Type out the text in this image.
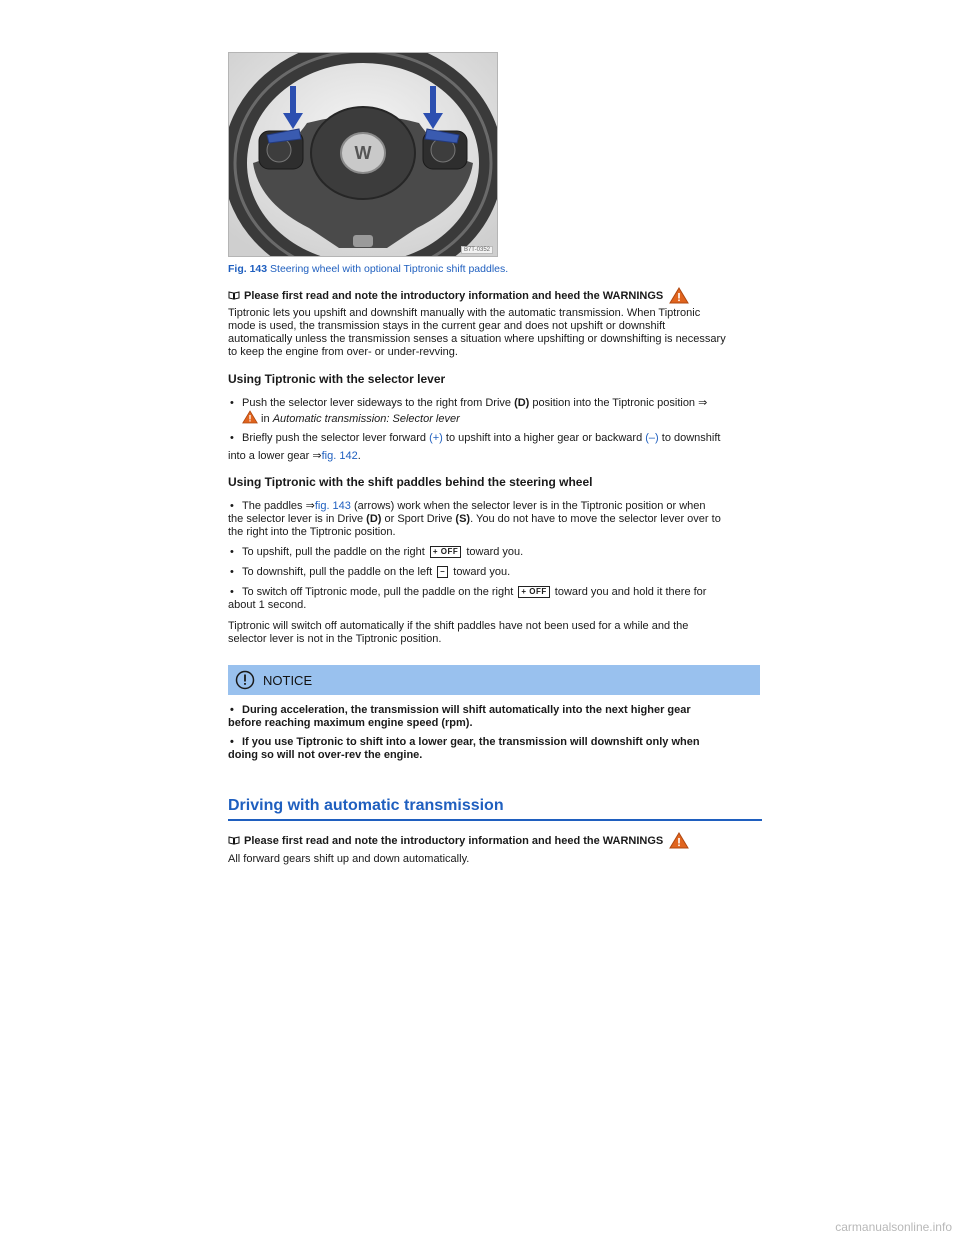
W
B7T-0352
Fig. 143 Steering wheel with optional Tiptronic shift paddles.
Please first read and note the introductory information and heed the WARNINGS

Tiptronic lets you upshift and downshift manually with the automatic transmission. When Tiptronic
mode is used, the transmission stays in the current gear and does not upshift or downshift
automatically unless the transmission senses a situation where upshifting or downshifting is necessary
to keep the engine from over- or under-revving.

Using Tiptronic with the selector lever
• Push the selector lever sideways to the right from Drive (D) position into the Tiptronic position ⇒
in Automatic transmission: Selector lever
• Briefly push the selector lever forward (+) to upshift into a higher gear or backward (–) to downshift
into a lower gear ⇒fig. 142.
Using Tiptronic with the shift paddles behind the steering wheel
• The paddles ⇒fig. 143 (arrows) work when the selector lever is in the Tiptronic position or when
the selector lever is in Drive (D) or Sport Drive (S). You do not have to move the selector lever over to
the right into the Tiptronic position.
• To upshift, pull the paddle on the right + OFF toward you.
• To downshift, pull the paddle on the left – toward you.
• To switch off Tiptronic mode, pull the paddle on the right + OFF toward you and hold it there for
about 1 second.

Tiptronic will switch off automatically if the shift paddles have not been used for a while and the
selector lever is not in the Tiptronic position.

NOTICE
• During acceleration, the transmission will shift automatically into the next higher gear
before reaching maximum engine speed (rpm).
• If you use Tiptronic to shift into a lower gear, the transmission will downshift only when
doing so will not over-rev the engine.
Driving with automatic transmission
Please first read and note the introductory information and heed the WARNINGS

All forward gears shift up and down automatically.

carmanualsonline.info
